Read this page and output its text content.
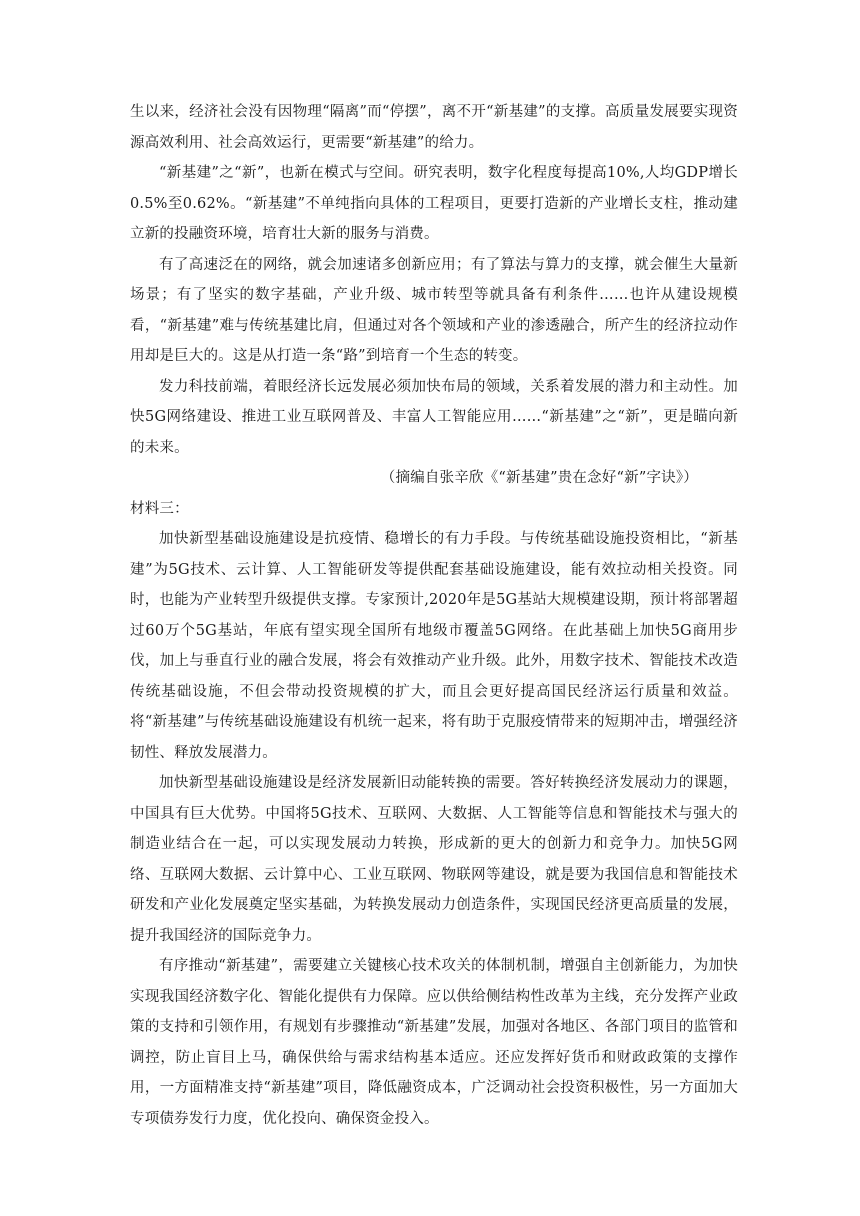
生以来，经济社会没有因物理“隔离”而“停摆”，离不开“新基建”的支撑。高质量发展要实现资源高效利用、社会高效运行，更需要“新基建”的给力。

“新基建”之“新”，也新在模式与空间。研究表明，数字化程度每提高10%,人均GDP增长0.5%至0.62%。“新基建”不单纯指向具体的工程项目，更要打造新的产业增长支柱，推动建立新的投融资环境，培育壮大新的服务与消费。

有了高速泛在的网络，就会加速诸多创新应用；有了算法与算力的支撑，就会催生大量新场景；有了坚实的数字基础，产业升级、城市转型等就具备有利条件……也许从建设规模看，“新基建”难与传统基建比肩，但通过对各个领域和产业的渗透融合，所产生的经济拉动作用却是巨大的。这是从打造一条“路”到培育一个生态的转变。

发力科技前端，着眼经济长远发展必须加快布局的领域，关系着发展的潜力和主动性。加快5G网络建设、推进工业互联网普及、丰富人工智能应用……“新基建”之“新”，更是瞄向新的未来。

（摘编自张辛欣《“新基建”贵在念好“新”字诀》）

材料三：

加快新型基础设施建设是抗疫情、稳增长的有力手段。与传统基础设施投资相比，“新基建”为5G技术、云计算、人工智能研发等提供配套基础设施建设，能有效拉动相关投资。同时，也能为产业转型升级提供支撑。专家预计,2020年是5G基站大规模建设期，预计将部署超过60万个5G基站，年底有望实现全国所有地级市覆盖5G网络。在此基础上加快5G商用步伐，加上与垂直行业的融合发展，将会有效推动产业升级。此外，用数字技术、智能技术改造传统基础设施，不但会带动投资规模的扩大，而且会更好提高国民经济运行质量和效益。将“新基建”与传统基础设施建设有机统一起来，将有助于克服疫情带来的短期冲击，增强经济韧性、释放发展潜力。

加快新型基础设施建设是经济发展新旧动能转换的需要。答好转换经济发展动力的课题，中国具有巨大优势。中国将5G技术、互联网、大数据、人工智能等信息和智能技术与强大的制造业结合在一起，可以实现发展动力转换，形成新的更大的创新力和竞争力。加快5G网络、互联网大数据、云计算中心、工业互联网、物联网等建设，就是要为我国信息和智能技术研发和产业化发展奠定坚实基础，为转换发展动力创造条件，实现国民经济更高质量的发展，提升我国经济的国际竞争力。

有序推动“新基建”，需要建立关键核心技术攻关的体制机制，增强自主创新能力，为加快实现我国经济数字化、智能化提供有力保障。应以供给侧结构性改革为主线，充分发挥产业政策的支持和引领作用，有规划有步骤推动“新基建”发展，加强对各地区、各部门项目的监管和调控，防止盲目上马，确保供给与需求结构基本适应。还应发挥好货币和财政政策的支撑作用，一方面精准支持“新基建”项目，降低融资成本，广泛调动社会投资积极性，另一方面加大专项债券发行力度，优化投向、确保资金投入。
